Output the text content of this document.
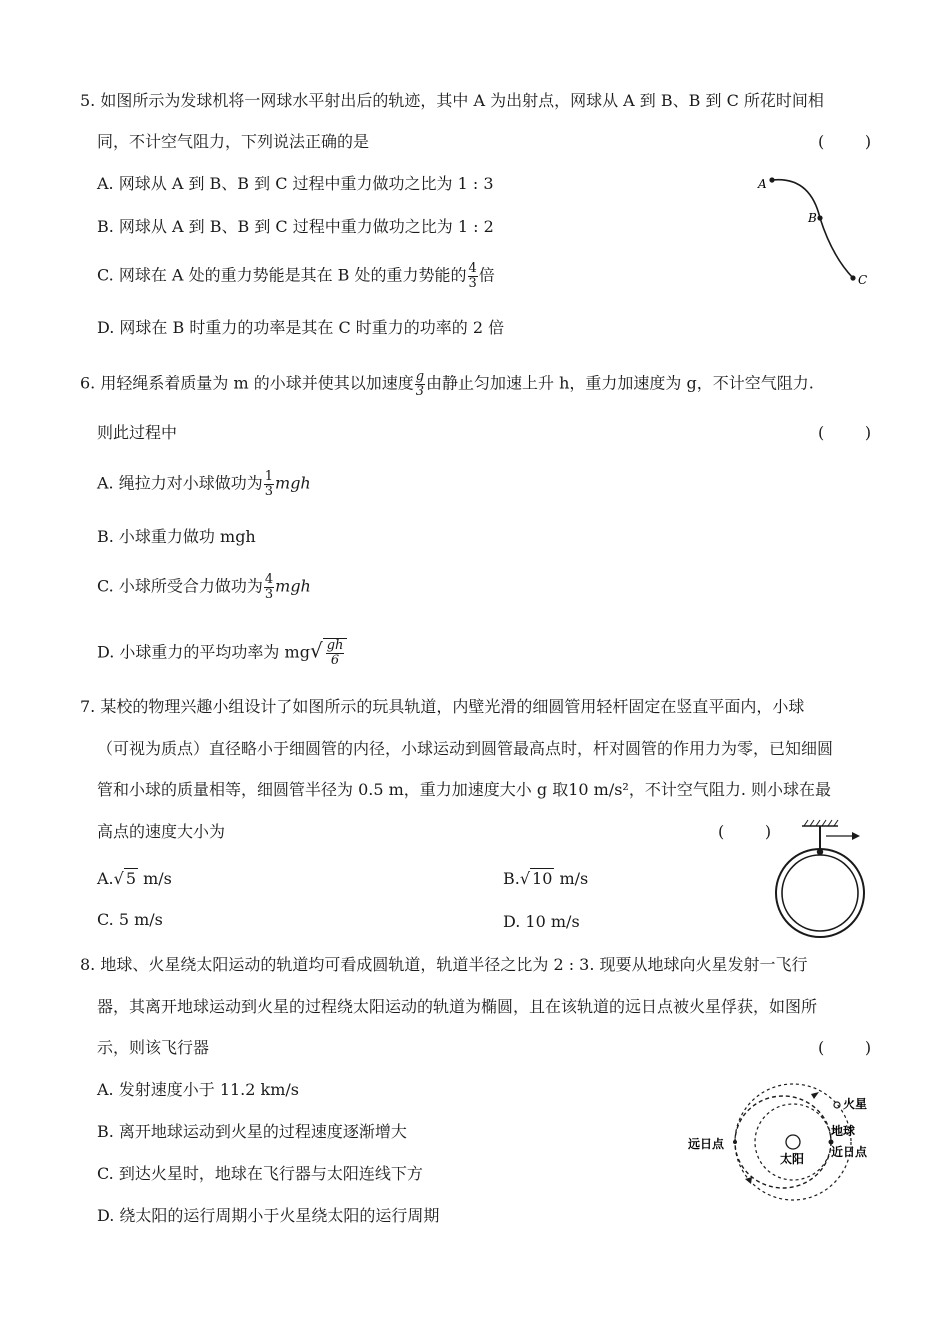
5. 如图所示为发球机将一网球水平射出后的轨迹，其中 A 为出射点，网球从 A 到 B、B 到 C 所花时间相
同，不计空气阻力，下列说法正确的是	(        )
A. 网球从 A 到 B、B 到 C 过程中重力做功之比为 1 : 3
B. 网球从 A 到 B、B 到 C 过程中重力做功之比为 1 : 2
C. 网球在 A 处的重力势能是其在 B 处的重力势能的 $\frac{4}{3}$ 倍
D. 网球在 B 时重力的功率是其在 C 时重力的功率的 2 倍
A
B
C
6. 用轻绳系着质量为 m 的小球并使其以加速度 $\frac{g}{3}$ 由静止匀加速上升 h，重力加速度为 g，不计空气阻力.
则此过程中	(        )
A. 绳拉力对小球做功为 $\frac{1}{3}$ mgh
B. 小球重力做功 mgh
C. 小球所受合力做功为 $\frac{4}{3}$ mgh
D. 小球重力的平均功率为 $mg√ \frac{gh}{6}$
7. 某校的物理兴趣小组设计了如图所示的玩具轨道，内壁光滑的细圆管用轻杆固定在竖直平面内，小球
（可视为质点）直径略小于细圆管的内径，小球运动到圆管最高点时，杆对圆管的作用力为零，已知细圆
管和小球的质量相等，细圆管半径为 0.5 m，重力加速度大小 g 取10 m/s²，不计空气阻力. 则小球在最
高点的速度大小为	(        )
A.√ 5 m/s	B.√ 10 m/s
C. 5 m/s	D. 10 m/s
8. 地球、火星绕太阳运动的轨道均可看成圆轨道，轨道半径之比为 2 : 3. 现要从地球向火星发射一飞行
器，其离开地球运动到火星的过程绕太阳运动的轨道为椭圆，且在该轨道的远日点被火星俘获，如图所
示，则该飞行器	(        )
A. 发射速度小于 11.2 km/s
B. 离开地球运动到火星的过程速度逐渐增大
C. 到达火星时，地球在飞行器与太阳连线下方
D. 绕太阳的运行周期小于火星绕太阳的运行周期
火星
地球
太阳
远日点
近日点
